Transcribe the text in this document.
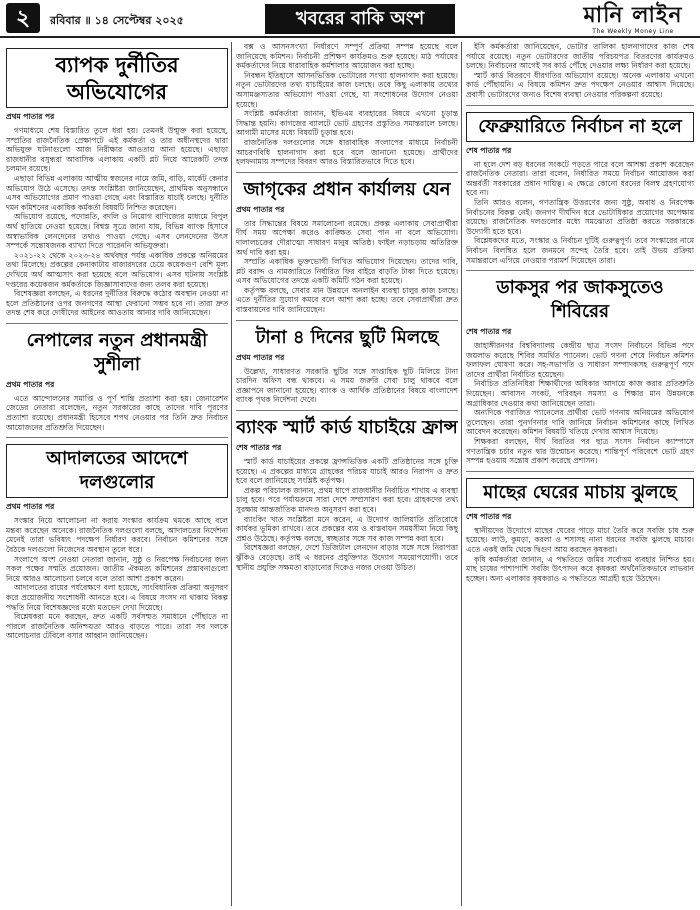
২	রবিবার ॥ ১৪ সেপ্টেম্বর ২০২৫	খবরের বাকি অংশ	মানি লাইন
The Weekly Money Line
ব্যাপক দুর্নীতির অভিযোগের
প্রথম পাতার পর

গণমাধ্যমে শেষ বিস্তারিত তুলে ধরা হয়। তেমনই উন্মুক্ত করা হয়েছে, সম্প্রতির রাজনৈতিক প্রেক্ষাপটে এই কর্মকর্তা ও তার অধীনস্থদের দ্বারা অভিযুক্ত ঘটনাগুলো আজ নিরীক্ষার আওতায় আনা হয়েছে। এছাড়া রাজধানীর বসুন্ধরা আবাসিক এলাকায় একটি প্লট নিয়ে আরেকটি তদন্ত চলমান রয়েছে।

এছাড়া বিভিন্ন এলাকায় আত্মীয় স্বজনের নামে জমি, বাড়ি, মার্কেট কেনার অভিযোগ উঠে এসেছে। তদন্ত সংশ্লিষ্টরা জানিয়েছেন, প্রাথমিক অনুসন্ধানে এসব অভিযোগের প্রমাণ পাওয়া গেছে এবং বিস্তারিত যাচাই চলছে। দুর্নীতি দমন কমিশনের একাধিক কর্মকর্তা বিষয়টি নিশ্চিত করেছেন।

অভিযোগ রয়েছে, পদোন্নতি, বদলি ও নিয়োগ বাণিজ্যের মাধ্যমে বিপুল অর্থ হাতিয়ে নেওয়া হয়েছে। বিশ্বস্ত সূত্রে জানা যায়, বিভিন্ন ব্যাংক হিসাবে অস্বাভাবিক লেনদেনের তথ্যও পাওয়া গেছে। এসব লেনদেনের উৎস সম্পর্কে সন্তোষজনক ব্যাখ্যা দিতে পারেননি অভিযুক্তরা।

২০২১-২২ থেকে ২০২৩-২৪ অর্থবছর পর্যন্ত একাধিক প্রকল্পে অনিয়মের তথ্য মিলেছে। প্রকল্পের কেনাকাটায় বাজারদরের চেয়ে কয়েকগুণ বেশি মূল্য দেখিয়ে অর্থ আত্মসাৎ করা হয়েছে বলে অভিযোগ। এসব ঘটনায় সংশ্লিষ্ট দপ্তরের কয়েকজন কর্মকর্তাকে জিজ্ঞাসাবাদের জন্য তলব করা হয়েছে।

বিশেষজ্ঞরা বলছেন, এ ধরনের দুর্নীতির বিরুদ্ধে কঠোর অবস্থান নেওয়া না হলে প্রতিষ্ঠানের ওপর জনগণের আস্থা ফেরানো সম্ভব হবে না। তারা দ্রুত তদন্ত শেষ করে দোষীদের আইনের আওতায় আনার দাবি জানিয়েছেন।

নেপালের নতুন প্রধানমন্ত্রী সুশীলা
প্রথম পাতার পর

এতে আন্দোলনের সমাপ্তি ও পূর্ণ শান্তি প্রত্যাশা করা হয়। জেনারেশন জেডের নেতারা বলেছেন, নতুন সরকারের কাছে তাদের দাবি পূরণের প্রত্যাশা রয়েছে। প্রধানমন্ত্রী হিসেবে শপথ নেওয়ার পর তিনি দ্রুত নির্বাচন আয়োজনের প্রতিশ্রুতি দিয়েছেন।

আদালতের আদেশে দলগুলোর
প্রথম পাতার পর

সংস্কার নিয়ে আলোচনা না করায় সংস্কার কার্যক্রম থমকে আছে বলে মন্তব্য করেছেন অনেকে। রাজনৈতিক দলগুলো বলছে, আদালতের নির্দেশনা মেনেই তারা ভবিষ্যৎ পদক্ষেপ নির্ধারণ করবে। নির্বাচন কমিশনের সঙ্গে বৈঠকে দলগুলো নিজেদের অবস্থান তুলে ধরে।

সংলাপে অংশ নেওয়া নেতারা জানান, সুষ্ঠু ও নিরপেক্ষ নির্বাচনের জন্য সকল পক্ষের সম্মতি প্রয়োজন। জাতীয় ঐকমত্য কমিশনের প্রস্তাবনাগুলো নিয়ে আরও আলোচনা চলবে বলে তারা আশা প্রকাশ করেন।

আদালতের রায়ের পর্যবেক্ষণে বলা হয়েছে, সাংবিধানিক প্রক্রিয়া অনুসরণ করে প্রয়োজনীয় সংশোধনী আনতে হবে। এ বিষয়ে সংসদ না থাকায় বিকল্প পদ্ধতি নিয়ে বিশেষজ্ঞদের মধ্যে মতভেদ দেখা দিয়েছে।

বিশ্লেষকরা মনে করছেন, দ্রুত একটি সর্বসম্মত সমাধানে পৌঁছাতে না পারলে রাজনৈতিক অনিশ্চয়তা আরও বাড়তে পারে। তারা সব দলকে আলোচনার টেবিলে বসার আহ্বান জানিয়েছেন।

বক্স ও আসনসংখ্যা নির্ধারণে সম্পূর্ণ প্রক্রিয়া সম্পন্ন হয়েছে বলে জানিয়েছে কমিশন। নির্বাচনী প্রশিক্ষণ কার্যক্রমও শুরু হয়েছে। মাঠ পর্যায়ের কর্মকর্তাদের নিয়ে ধারাবাহিক কর্মশালার আয়োজন করা হচ্ছে।

নিবন্ধন ইতিহাসে আসনভিত্তিক ভোটারের সংখ্যা হালনাগাদ করা হয়েছে। নতুন ভোটারদের তথ্য যাচাইয়ের কাজ চলছে। তবে কিছু এলাকায় তথ্যের অসামঞ্জস্যতার অভিযোগ পাওয়া গেছে, যা সংশোধনের উদ্যোগ নেওয়া হয়েছে।

সংশ্লিষ্ট কর্মকর্তারা জানান, ইভিএম ব্যবহারের বিষয়ে এখনো চূড়ান্ত সিদ্ধান্ত হয়নি। কাগজের ব্যালটে ভোট গ্রহণের প্রস্তুতিও সমান্তরালে চলছে। আগামী মাসের মধ্যে বিষয়টি চূড়ান্ত হবে।

রাজনৈতিক দলগুলোর সঙ্গে ধারাবাহিক সংলাপের মাধ্যমে নির্বাচনী আচরণবিধি হালনাগাদ করা হবে বলে জানানো হয়েছে। প্রার্থীদের হলফনামায় সম্পদের বিবরণ আরও বিস্তারিতভাবে দিতে হবে।

জাগৃকের প্রধান কার্যালয় যেন
প্রথম পাতার পর

তার সিদ্ধান্তের বিষয়ে সমালোচনা রয়েছে। প্রকল্প এলাকায় সেবাপ্রার্থীরা দীর্ঘ সময় অপেক্ষা করেও কাঙ্ক্ষিত সেবা পান না বলে অভিযোগ। দালালচক্রের দৌরাত্ম্যে সাধারণ মানুষ অতিষ্ঠ। ফাইল নড়াচড়ায় অতিরিক্ত অর্থ দাবি করা হয়।

সম্প্রতি একাধিক ভুক্তভোগী লিখিত অভিযোগ দিয়েছেন। তাদের দাবি, প্লট বরাদ্দ ও নামজারিতে নির্ধারিত ফির বাইরে বাড়তি টাকা দিতে হয়েছে। এসব অভিযোগের তদন্তে একটি কমিটি গঠন করা হয়েছে।

কর্তৃপক্ষ বলছে, সেবার মান উন্নয়নে অনলাইন ব্যবস্থা চালুর কাজ চলছে। এতে দুর্নীতির সুযোগ কমবে বলে আশা করা হচ্ছে। তবে সেবাপ্রার্থীরা দ্রুত বাস্তবায়নের দাবি জানিয়েছেন।

টানা ৪ দিনের ছুটি মিলছে
প্রথম পাতার পর

উল্লেখ্য, সাধারণত সরকারি ছুটির সঙ্গে সাপ্তাহিক ছুটি মিলিয়ে টানা চারদিন অফিস বন্ধ থাকবে। এ সময় জরুরি সেবা চালু থাকবে বলে প্রজ্ঞাপনে জানানো হয়েছে। ব্যাংক ও আর্থিক প্রতিষ্ঠানের বিষয়ে বাংলাদেশ ব্যাংক পৃথক নির্দেশনা দেবে।

ব্যাংক স্মার্ট কার্ড যাচাইয়ে ফ্রান্স
শেষ পাতার পর

স্মার্ট কার্ড যাচাইয়ের প্রকল্পে ফ্রান্সভিত্তিক একটি প্রতিষ্ঠানের সঙ্গে চুক্তি হয়েছে। এ প্রকল্পের মাধ্যমে গ্রাহকের পরিচয় যাচাই আরও নিরাপদ ও দ্রুত হবে বলে জানিয়েছে সংশ্লিষ্ট কর্তৃপক্ষ।

প্রকল্প পরিচালক জানান, প্রথম ধাপে রাজধানীর নির্বাচিত শাখায় এ ব্যবস্থা চালু হবে। পরে পর্যায়ক্রমে সারা দেশে সম্প্রসারণ করা হবে। গ্রাহকদের তথ্য সুরক্ষায় আন্তর্জাতিক মানদণ্ড অনুসরণ করা হবে।

ব্যাংকিং খাত সংশ্লিষ্টরা মনে করেন, এ উদ্যোগ জালিয়াতি প্রতিরোধে কার্যকর ভূমিকা রাখবে। তবে প্রকল্পের ব্যয় ও বাস্তবায়ন সময়সীমা নিয়ে কিছু প্রশ্নও উঠেছে। কর্তৃপক্ষ বলছে, স্বচ্ছতার সঙ্গে সব কাজ সম্পন্ন করা হবে।

বিশেষজ্ঞরা বলছেন, দেশে ডিজিটাল লেনদেন বাড়ার সঙ্গে সঙ্গে নিরাপত্তা ঝুঁকিও বেড়েছে। তাই এ ধরনের প্রযুক্তিগত উদ্যোগ সময়োপযোগী। তবে স্থানীয় প্রযুক্তি সক্ষমতা বাড়ানোর দিকেও নজর দেওয়া উচিত।

ইসি কর্মকর্তারা জানিয়েছেন, ভোটার তালিকা হালনাগাদের কাজ শেষ পর্যায়ে রয়েছে। নতুন ভোটারদের জাতীয় পরিচয়পত্র বিতরণের কার্যক্রমও চলছে। নির্বাচনের আগেই সব কার্ড পৌঁছে দেওয়ার লক্ষ্য নির্ধারণ করা হয়েছে।

স্মার্ট কার্ড বিতরণে ধীরগতির অভিযোগ রয়েছে। অনেক এলাকায় এখনো কার্ড পৌঁছায়নি। এ বিষয়ে কমিশন দ্রুত পদক্ষেপ নেওয়ার আশ্বাস দিয়েছে। প্রবাসী ভোটারদের জন্যও বিশেষ ব্যবস্থা নেওয়ার পরিকল্পনা রয়েছে।

ফেব্রুয়ারিতে নির্বাচন না হলে
শেষ পাতার পর

না হলে দেশ বড় ধরনের সংকটে পড়তে পারে বলে আশঙ্কা প্রকাশ করেছেন রাজনৈতিক নেতারা। তারা বলেন, নির্ধারিত সময়ে নির্বাচন আয়োজন করা অন্তর্বর্তী সরকারের প্রধান দায়িত্ব। এ ক্ষেত্রে কোনো ধরনের বিলম্ব গ্রহণযোগ্য হবে না।

তিনি আরও বলেন, গণতান্ত্রিক উত্তরণের জন্য সুষ্ঠু, অবাধ ও নিরপেক্ষ নির্বাচনের বিকল্প নেই। জনগণ দীর্ঘদিন ধরে ভোটাধিকার প্রয়োগের অপেক্ষায় রয়েছে। রাজনৈতিক দলগুলোর মধ্যে সমঝোতা প্রতিষ্ঠা করতে সরকারকে উদ্যোগী হতে হবে।

বিশ্লেষকদের মতে, সংস্কার ও নির্বাচন দুটিই গুরুত্বপূর্ণ। তবে সংস্কারের নামে নির্বাচন বিলম্বিত হলে জনমনে সন্দেহ তৈরি হবে। তাই উভয় প্রক্রিয়া সমান্তরালে এগিয়ে নেওয়ার পরামর্শ দিয়েছেন তারা।

ডাকসুর পর জাকসুতেও শিবিরের
শেষ পাতার পর

জাহাঙ্গীরনগর বিশ্ববিদ্যালয় কেন্দ্রীয় ছাত্র সংসদ নির্বাচনে বিভিন্ন পদে জয়লাভ করেছে শিবির সমর্থিত প্যানেল। ভোট গণনা শেষে নির্বাচন কমিশন ফলাফল ঘোষণা করে। সহ-সভাপতি ও সাধারণ সম্পাদকসহ গুরুত্বপূর্ণ পদে তাদের প্রার্থীরা নির্বাচিত হয়েছেন।

নির্বাচিত প্রতিনিধিরা শিক্ষার্থীদের অধিকার আদায়ে কাজ করার প্রতিশ্রুতি দিয়েছেন। আবাসন সংকট, পরিবহন সমস্যা ও শিক্ষার মান উন্নয়নকে অগ্রাধিকার দেওয়ার কথা জানিয়েছেন তারা।

অন্যদিকে পরাজিত প্যানেলের প্রার্থীরা ভোট গণনায় অনিয়মের অভিযোগ তুলেছেন। তারা পুনর্গণনার দাবি জানিয়ে নির্বাচন কমিশনের কাছে লিখিত আবেদন করেছেন। কমিশন বিষয়টি খতিয়ে দেখার আশ্বাস দিয়েছে।

শিক্ষকরা বলছেন, দীর্ঘ বিরতির পর ছাত্র সংসদ নির্বাচন ক্যাম্পাসে গণতান্ত্রিক চর্চার নতুন দ্বার উন্মোচন করেছে। শান্তিপূর্ণ পরিবেশে ভোট গ্রহণ সম্পন্ন হওয়ায় সন্তোষ প্রকাশ করেছে প্রশাসন।

মাছের ঘেরের মাচায় ঝুলছে
শেষ পাতার পর

স্থানীয়দের উদ্যোগে মাছের ঘেরের পাড়ে মাচা তৈরি করে সবজি চাষ শুরু হয়েছে। লাউ, কুমড়া, করলা ও শসাসহ নানা ধরনের সবজি ঝুলছে মাচায়। এতে একই জমি থেকে দ্বিগুণ আয় করছেন কৃষকরা।

কৃষি কর্মকর্তারা জানান, এ পদ্ধতিতে জমির সর্বোত্তম ব্যবহার নিশ্চিত হয়। মাছ চাষের পাশাপাশি সবজি উৎপাদন করে কৃষকরা অর্থনৈতিকভাবে লাভবান হচ্ছেন। অন্য এলাকার কৃষকরাও এ পদ্ধতিতে আগ্রহী হয়ে উঠছেন।
